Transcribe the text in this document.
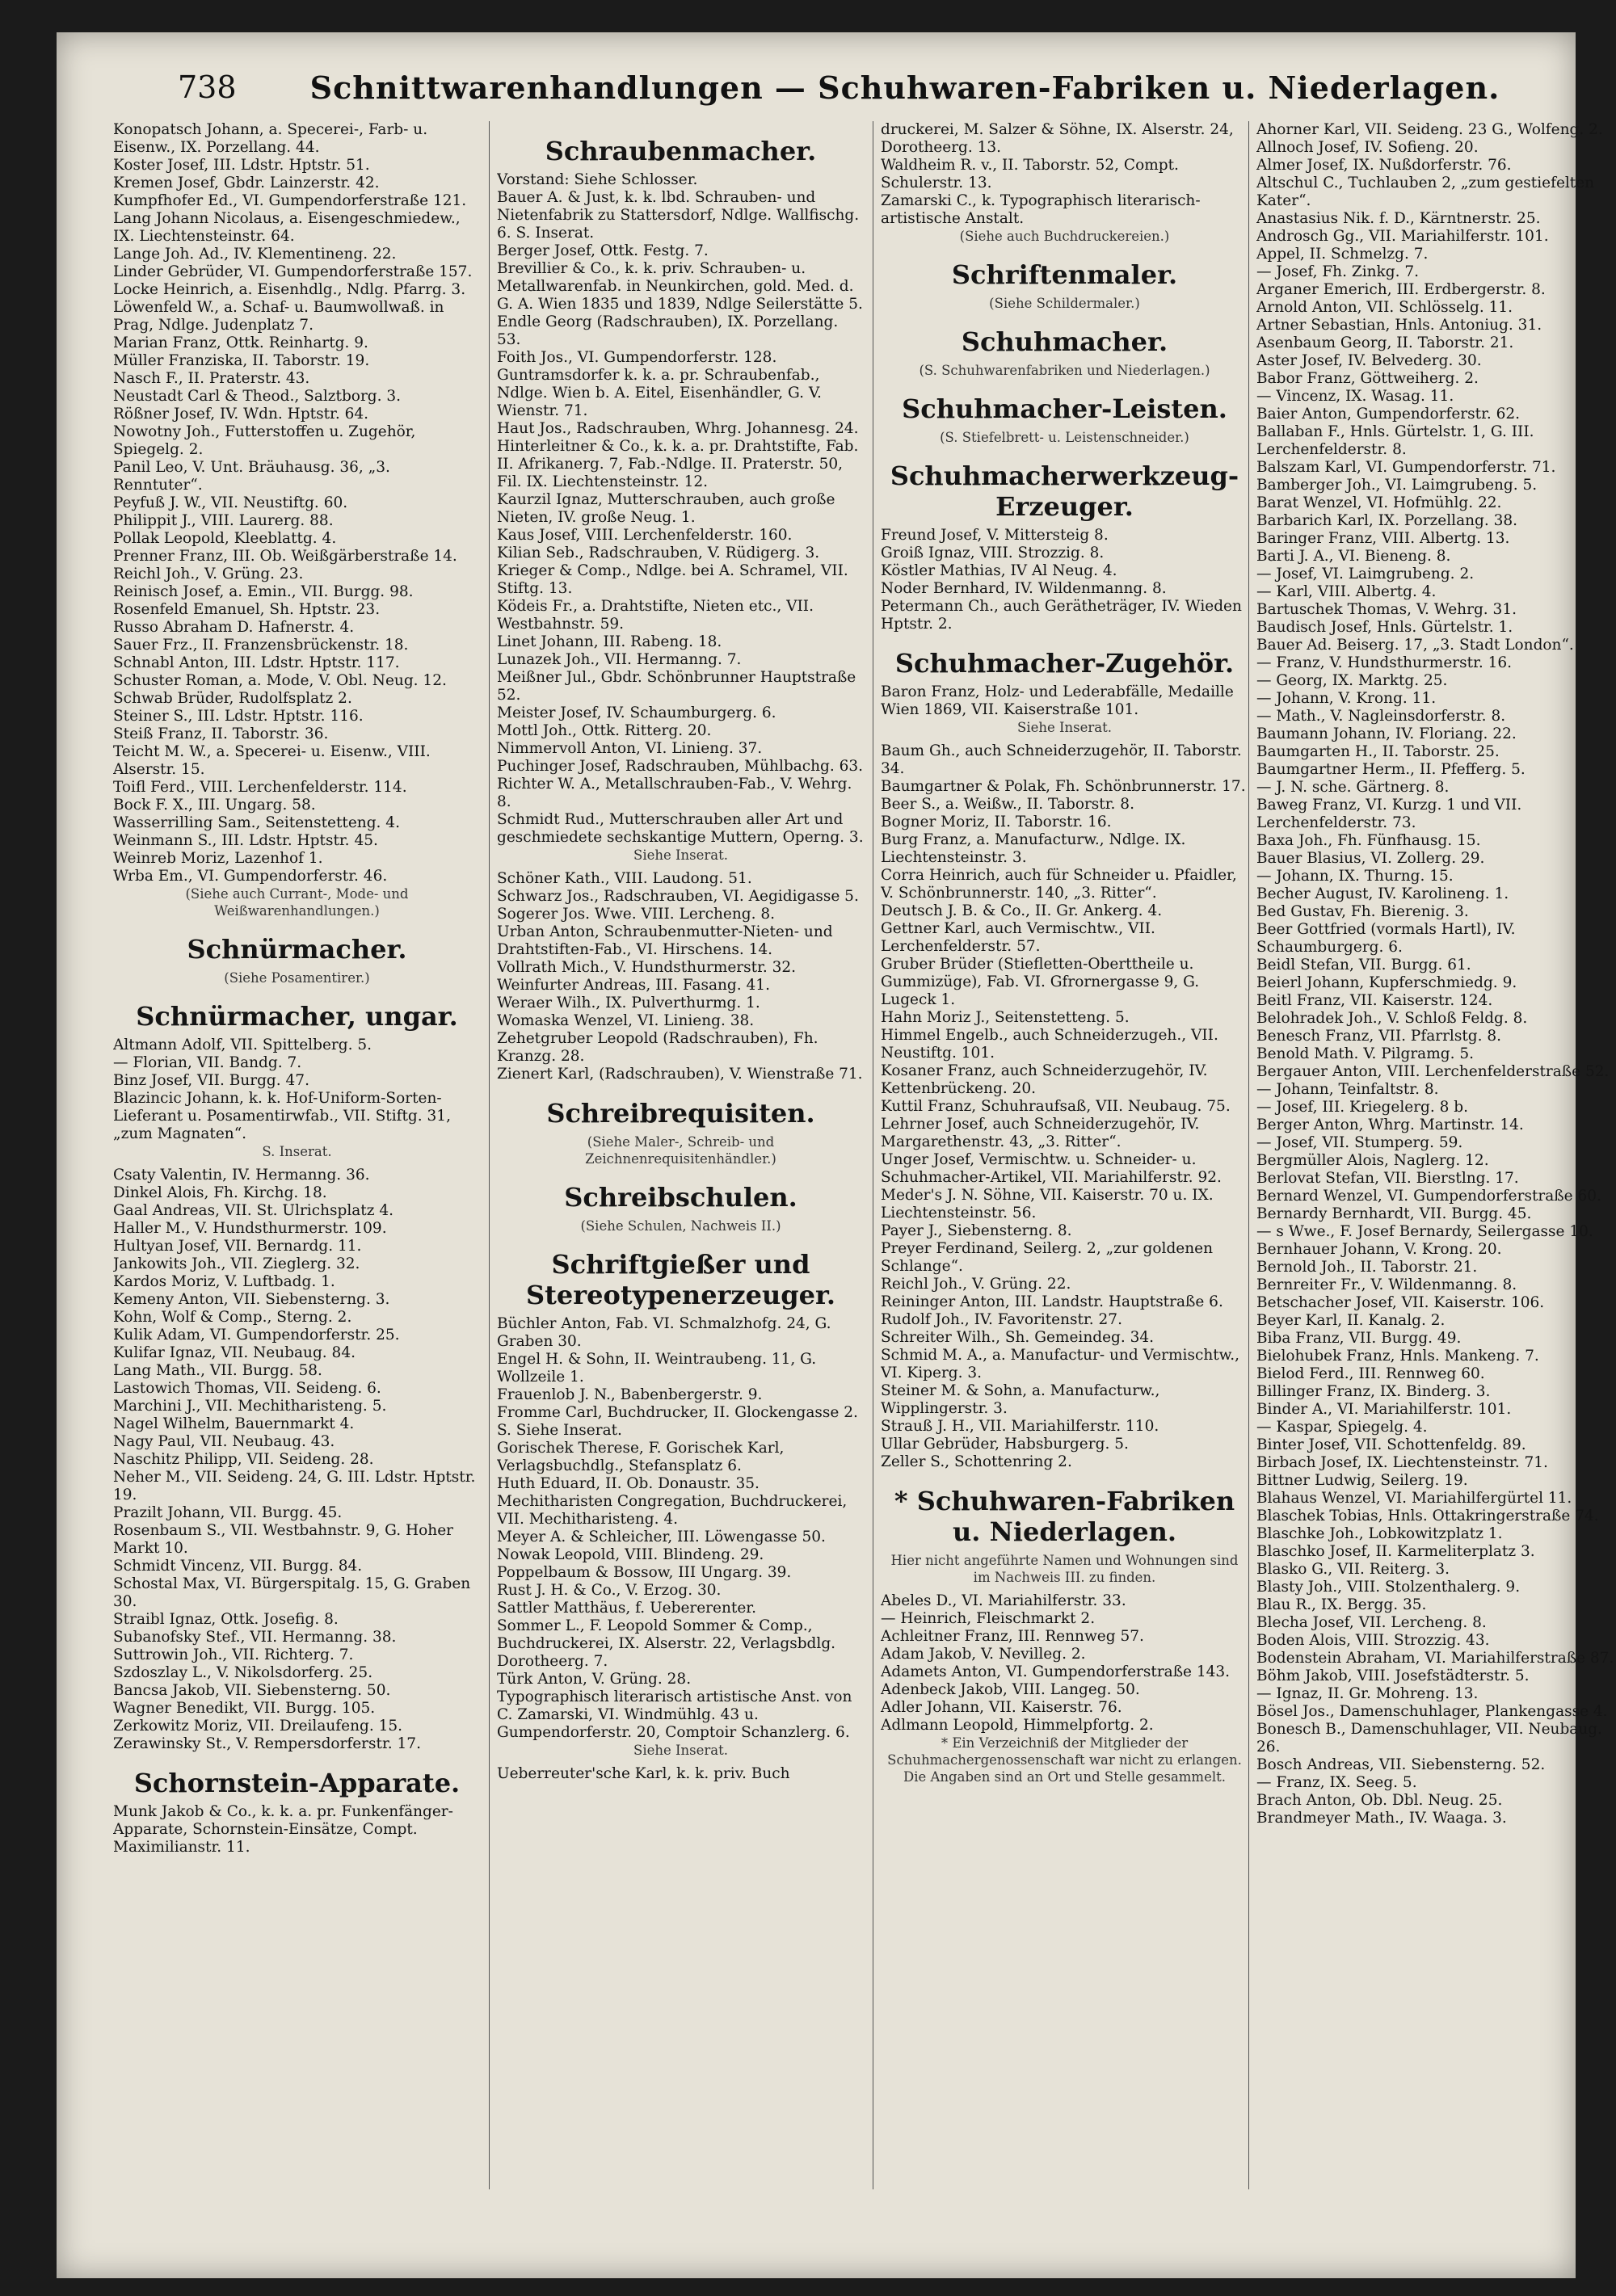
738	Schnittwarenhandlungen — Schuhwaren-Fabriken u. Niederlagen.
Konopatsch Johann, a. Specerei-, Farb- u. Eisenw., IX. Porzellang. 44.
Koster Josef, III. Ldstr. Hptstr. 51.
Kremen Josef, Gbdr. Lainzerstr. 42.
Kumpfhofer Ed., VI. Gumpendorferstraße 121.
Lang Johann Nicolaus, a. Eisengeschmiedew., IX. Liechtensteinstr. 64.
Lange Joh. Ad., IV. Klementineng. 22.
Linder Gebrüder, VI. Gumpendorferstraße 157.
Locke Heinrich, a. Eisenhdlg., Ndlg. Pfarrg. 3.
Löwenfeld W., a. Schaf- u. Baumwollwaß. in Prag, Ndlge. Judenplatz 7.
Marian Franz, Ottk. Reinhartg. 9.
Müller Franziska, II. Taborstr. 19.
Nasch F., II. Praterstr. 43.
Neustadt Carl & Theod., Salztborg. 3.
Rößner Josef, IV. Wdn. Hptstr. 64.
Nowotny Joh., Futterstoffen u. Zugehör, Spiegelg. 2.
Panil Leo, V. Unt. Bräuhausg. 36, „3. Renntuter“.
Peyfuß J. W., VII. Neustiftg. 60.
Philippit J., VIII. Laurerg. 88.
Pollak Leopold, Kleeblattg. 4.
Prenner Franz, III. Ob. Weißgärberstraße 14.
Reichl Joh., V. Grüng. 23.
Reinisch Josef, a. Emin., VII. Burgg. 98.
Rosenfeld Emanuel, Sh. Hptstr. 23.
Russo Abraham D. Hafnerstr. 4.
Sauer Frz., II. Franzensbrückenstr. 18.
Schnabl Anton, III. Ldstr. Hptstr. 117.
Schuster Roman, a. Mode, V. Obl. Neug. 12.
Schwab Brüder, Rudolfsplatz 2.
Steiner S., III. Ldstr. Hptstr. 116.
Steiß Franz, II. Taborstr. 36.
Teicht M. W., a. Specerei- u. Eisenw., VIII. Alserstr. 15.
Toifl Ferd., VIII. Lerchenfelderstr. 114.
Bock F. X., III. Ungarg. 58.
Wasserrilling Sam., Seitenstetteng. 4.
Weinmann S., III. Ldstr. Hptstr. 45.
Weinreb Moriz, Lazenhof 1.
Wrba Em., VI. Gumpendorferstr. 46.
(Siehe auch Currant-, Mode- und Weißwarenhandlungen.)
Schnürmacher.
(Siehe Posamentirer.)
Schnürmacher, ungar.
Altmann Adolf, VII. Spittelberg. 5.
— Florian, VII. Bandg. 7.
Binz Josef, VII. Burgg. 47.
Blazincic Johann, k. k. Hof-Uniform-Sorten-Lieferant u. Posamentirwfab., VII. Stiftg. 31, „zum Magnaten“.
S. Inserat.
Csaty Valentin, IV. Hermanng. 36.
Dinkel Alois, Fh. Kirchg. 18.
Gaal Andreas, VII. St. Ulrichsplatz 4.
Haller M., V. Hundsthurmerstr. 109.
Hultyan Josef, VII. Bernardg. 11.
Jankowits Joh., VII. Zieglerg. 32.
Kardos Moriz, V. Luftbadg. 1.
Kemeny Anton, VII. Siebensterng. 3.
Kohn, Wolf & Comp., Sterng. 2.
Kulik Adam, VI. Gumpendorferstr. 25.
Kulifar Ignaz, VII. Neubaug. 84.
Lang Math., VII. Burgg. 58.
Lastowich Thomas, VII. Seideng. 6.
Marchini J., VII. Mechitharisteng. 5.
Nagel Wilhelm, Bauernmarkt 4.
Nagy Paul, VII. Neubaug. 43.
Naschitz Philipp, VII. Seideng. 28.
Neher M., VII. Seideng. 24, G. III. Ldstr. Hptstr. 19.
Prazilt Johann, VII. Burgg. 45.
Rosenbaum S., VII. Westbahnstr. 9, G. Hoher Markt 10.
Schmidt Vincenz, VII. Burgg. 84.
Schostal Max, VI. Bürgerspitalg. 15, G. Graben 30.
Straibl Ignaz, Ottk. Josefig. 8.
Subanofsky Stef., VII. Hermanng. 38.
Suttrowin Joh., VII. Richterg. 7.
Szdoszlay L., V. Nikolsdorferg. 25.
Bancsa Jakob, VII. Siebensterng. 50.
Wagner Benedikt, VII. Burgg. 105.
Zerkowitz Moriz, VII. Dreilaufeng. 15.
Zerawinsky St., V. Rempersdorferstr. 17.
Schornstein-Apparate.
Munk Jakob & Co., k. k. a. pr. Funkenfänger-Apparate, Schornstein-Einsätze, Compt. Maximilianstr. 11.
Schraubenmacher.
Vorstand: Siehe Schlosser.
Bauer A. & Just, k. k. lbd. Schrauben- und Nietenfabrik zu Stattersdorf, Ndlge. Wallfischg. 6. S. Inserat.
Berger Josef, Ottk. Festg. 7.
Brevillier & Co., k. k. priv. Schrauben- u. Metallwarenfab. in Neunkirchen, gold. Med. d. G. A. Wien 1835 und 1839, Ndlge Seilerstätte 5.
Endle Georg (Radschrauben), IX. Porzellang. 53.
Foith Jos., VI. Gumpendorferstr. 128.
Guntramsdorfer k. k. a. pr. Schraubenfab., Ndlge. Wien b. A. Eitel, Eisenhändler, G. V. Wienstr. 71.
Haut Jos., Radschrauben, Whrg. Johannesg. 24.
Hinterleitner & Co., k. k. a. pr. Drahtstifte, Fab. II. Afrikanerg. 7, Fab.-Ndlge. II. Praterstr. 50, Fil. IX. Liechtensteinstr. 12.
Kaurzil Ignaz, Mutterschrauben, auch große Nieten, IV. große Neug. 1.
Kaus Josef, VIII. Lerchenfelderstr. 160.
Kilian Seb., Radschrauben, V. Rüdigerg. 3.
Krieger & Comp., Ndlge. bei A. Schramel, VII. Stiftg. 13.
Ködeis Fr., a. Drahtstifte, Nieten etc., VII. Westbahnstr. 59.
Linet Johann, III. Rabeng. 18.
Lunazek Joh., VII. Hermanng. 7.
Meißner Jul., Gbdr. Schönbrunner Hauptstraße 52.
Meister Josef, IV. Schaumburgerg. 6.
Mottl Joh., Ottk. Ritterg. 20.
Nimmervoll Anton, VI. Linieng. 37.
Puchinger Josef, Radschrauben, Mühlbachg. 63.
Richter W. A., Metallschrauben-Fab., V. Wehrg. 8.
Schmidt Rud., Mutterschrauben aller Art und geschmiedete sechskantige Muttern, Operng. 3.
Siehe Inserat.
Schöner Kath., VIII. Laudong. 51.
Schwarz Jos., Radschrauben, VI. Aegidigasse 5.
Sogerer Jos. Wwe. VIII. Lercheng. 8.
Urban Anton, Schraubenmutter-Nieten- und Drahtstiften-Fab., VI. Hirschens. 14.
Vollrath Mich., V. Hundsthurmerstr. 32.
Weinfurter Andreas, III. Fasang. 41.
Weraer Wilh., IX. Pulverthurmg. 1.
Womaska Wenzel, VI. Linieng. 38.
Zehetgruber Leopold (Radschrauben), Fh. Kranzg. 28.
Zienert Karl, (Radschrauben), V. Wienstraße 71.
Schreibrequisiten.
(Siehe Maler-, Schreib- und Zeichnenrequisitenhändler.)
Schreibschulen.
(Siehe Schulen, Nachweis II.)
Schriftgießer und Stereotypenerzeuger.
Büchler Anton, Fab. VI. Schmalzhofg. 24, G. Graben 30.
Engel H. & Sohn, II. Weintraubeng. 11, G. Wollzeile 1.
Frauenlob J. N., Babenbergerstr. 9.
Fromme Carl, Buchdrucker, II. Glockengasse 2. S. Siehe Inserat.
Gorischek Therese, F. Gorischek Karl, Verlagsbuchdlg., Stefansplatz 6.
Huth Eduard, II. Ob. Donaustr. 35.
Mechitharisten Congregation, Buchdruckerei, VII. Mechitharisteng. 4.
Meyer A. & Schleicher, III. Löwengasse 50.
Nowak Leopold, VIII. Blindeng. 29.
Poppelbaum & Bossow, III Ungarg. 39.
Rust J. H. & Co., V. Erzog. 30.
Sattler Matthäus, f. Uebererenter.
Sommer L., F. Leopold Sommer & Comp., Buchdruckerei, IX. Alserstr. 22, Verlagsbdlg. Dorotheerg. 7.
Türk Anton, V. Grüng. 28.
Typographisch literarisch artistische Anst. von C. Zamarski, VI. Windmühlg. 43 u. Gumpendorferstr. 20, Comptoir Schanzlerg. 6.
Siehe Inserat.
Ueberreuter'sche Karl, k. k. priv. Buch
druckerei, M. Salzer & Söhne, IX. Alserstr. 24, Dorotheerg. 13.
Waldheim R. v., II. Taborstr. 52, Compt. Schulerstr. 13.
Zamarski C., k. Typographisch literarisch-artistische Anstalt.
(Siehe auch Buchdruckereien.)
Schriftenmaler.
(Siehe Schildermaler.)
Schuhmacher.
(S. Schuhwarenfabriken und Niederlagen.)
Schuhmacher-Leisten.
(S. Stiefelbrett- u. Leistenschneider.)
Schuhmacherwerkzeug-Erzeuger.
Freund Josef, V. Mittersteig 8.
Groiß Ignaz, VIII. Strozzig. 8.
Köstler Mathias, IV Al Neug. 4.
Noder Bernhard, IV. Wildenmanng. 8.
Petermann Ch., auch Gerätheträger, IV. Wieden Hptstr. 2.
Schuhmacher-Zugehör.
Baron Franz, Holz- und Lederabfälle, Medaille Wien 1869, VII. Kaiserstraße 101.
Siehe Inserat.
Baum Gh., auch Schneiderzugehör, II. Taborstr. 34.
Baumgartner & Polak, Fh. Schönbrunnerstr. 17.
Beer S., a. Weißw., II. Taborstr. 8.
Bogner Moriz, II. Taborstr. 16.
Burg Franz, a. Manufacturw., Ndlge. IX. Liechtensteinstr. 3.
Corra Heinrich, auch für Schneider u. Pfaidler, V. Schönbrunnerstr. 140, „3. Ritter“.
Deutsch J. B. & Co., II. Gr. Ankerg. 4.
Gettner Karl, auch Vermischtw., VII. Lerchenfelderstr. 57.
Gruber Brüder (Stiefletten-Oberttheile u. Gummizüge), Fab. VI. Gfrornergasse 9, G. Lugeck 1.
Hahn Moriz J., Seitenstetteng. 5.
Himmel Engelb., auch Schneiderzugeh., VII. Neustiftg. 101.
Kosaner Franz, auch Schneiderzugehör, IV. Kettenbrückeng. 20.
Kuttil Franz, Schuhraufsaß, VII. Neubaug. 75.
Lehrner Josef, auch Schneiderzugehör, IV. Margarethenstr. 43, „3. Ritter“.
Unger Josef, Vermischtw. u. Schneider- u. Schuhmacher-Artikel, VII. Mariahilferstr. 92.
Meder's J. N. Söhne, VII. Kaiserstr. 70 u. IX. Liechtensteinstr. 56.
Payer J., Siebensterng. 8.
Preyer Ferdinand, Seilerg. 2, „zur goldenen Schlange“.
Reichl Joh., V. Grüng. 22.
Reininger Anton, III. Landstr. Hauptstraße 6.
Rudolf Joh., IV. Favoritenstr. 27.
Schreiter Wilh., Sh. Gemeindeg. 34.
Schmid M. A., a. Manufactur- und Vermischtw., VI. Kiperg. 3.
Steiner M. & Sohn, a. Manufacturw., Wipplingerstr. 3.
Strauß J. H., VII. Mariahilferstr. 110.
Ullar Gebrüder, Habsburgerg. 5.
Zeller S., Schottenring 2.
* Schuhwaren-Fabriken u. Niederlagen.
Hier nicht angeführte Namen und Wohnungen sind im Nachweis III. zu finden.
Abeles D., VI. Mariahilferstr. 33.
— Heinrich, Fleischmarkt 2.
Achleitner Franz, III. Rennweg 57.
Adam Jakob, V. Nevilleg. 2.
Adamets Anton, VI. Gumpendorferstraße 143.
Adenbeck Jakob, VIII. Langeg. 50.
Adler Johann, VII. Kaiserstr. 76.
Adlmann Leopold, Himmelpfortg. 2.
* Ein Verzeichniß der Mitglieder der Schuhmachergenossenschaft war nicht zu erlangen. Die Angaben sind an Ort und Stelle gesammelt.
Ahorner Karl, VII. Seideng. 23 G., Wolfeng. 2.
Allnoch Josef, IV. Sofieng. 20.
Almer Josef, IX. Nußdorferstr. 76.
Altschul C., Tuchlauben 2, „zum gestiefelten Kater“.
Anastasius Nik. f. D., Kärntnerstr. 25.
Androsch Gg., VII. Mariahilferstr. 101.
Appel, II. Schmelzg. 7.
— Josef, Fh. Zinkg. 7.
Arganer Emerich, III. Erdbergerstr. 8.
Arnold Anton, VII. Schlösselg. 11.
Artner Sebastian, Hnls. Antoniug. 31.
Asenbaum Georg, II. Taborstr. 21.
Aster Josef, IV. Belvederg. 30.
Babor Franz, Göttweiherg. 2.
— Vincenz, IX. Wasag. 11.
Baier Anton, Gumpendorferstr. 62.
Ballaban F., Hnls. Gürtelstr. 1, G. III. Lerchenfelderstr. 8.
Balszam Karl, VI. Gumpendorferstr. 71.
Bamberger Joh., VI. Laimgrubeng. 5.
Barat Wenzel, VI. Hofmühlg. 22.
Barbarich Karl, IX. Porzellang. 38.
Baringer Franz, VIII. Albertg. 13.
Barti J. A., VI. Bieneng. 8.
— Josef, VI. Laimgrubeng. 2.
— Karl, VIII. Albertg. 4.
Bartuschek Thomas, V. Wehrg. 31.
Baudisch Josef, Hnls. Gürtelstr. 1.
Bauer Ad. Beiserg. 17, „3. Stadt London“.
— Franz, V. Hundsthurmerstr. 16.
— Georg, IX. Marktg. 25.
— Johann, V. Krong. 11.
— Math., V. Nagleinsdorferstr. 8.
Baumann Johann, IV. Floriang. 22.
Baumgarten H., II. Taborstr. 25.
Baumgartner Herm., II. Pfefferg. 5.
— J. N. sche. Gärtnerg. 8.
Baweg Franz, VI. Kurzg. 1 und VII. Lerchenfelderstr. 73.
Baxa Joh., Fh. Fünfhausg. 15.
Bauer Blasius, VI. Zollerg. 29.
— Johann, IX. Thurng. 15.
Becher August, IV. Karolineng. 1.
Bed Gustav, Fh. Bierenig. 3.
Beer Gottfried (vormals Hartl), IV. Schaumburgerg. 6.
Beidl Stefan, VII. Burgg. 61.
Beierl Johann, Kupferschmiedg. 9.
Beitl Franz, VII. Kaiserstr. 124.
Belohradek Joh., V. Schloß Feldg. 8.
Benesch Franz, VII. Pfarrlstg. 8.
Benold Math. V. Pilgramg. 5.
Bergauer Anton, VIII. Lerchenfelderstraße 52.
— Johann, Teinfaltstr. 8.
— Josef, III. Kriegelerg. 8 b.
Berger Anton, Whrg. Martinstr. 14.
— Josef, VII. Stumperg. 59.
Bergmüller Alois, Naglerg. 12.
Berlovat Stefan, VII. Bierstlng. 17.
Bernard Wenzel, VI. Gumpendorferstraße 60.
Bernardy Bernhardt, VII. Burgg. 45.
— s Wwe., F. Josef Bernardy, Seilergasse 10.
Bernhauer Johann, V. Krong. 20.
Bernold Joh., II. Taborstr. 21.
Bernreiter Fr., V. Wildenmanng. 8.
Betschacher Josef, VII. Kaiserstr. 106.
Beyer Karl, II. Kanalg. 2.
Biba Franz, VII. Burgg. 49.
Bielohubek Franz, Hnls. Mankeng. 7.
Bielod Ferd., III. Rennweg 60.
Billinger Franz, IX. Binderg. 3.
Binder A., VI. Mariahilferstr. 101.
— Kaspar, Spiegelg. 4.
Binter Josef, VII. Schottenfeldg. 89.
Birbach Josef, IX. Liechtensteinstr. 71.
Bittner Ludwig, Seilerg. 19.
Blahaus Wenzel, VI. Mariahilfergürtel 11.
Blaschek Tobias, Hnls. Ottakringerstraße 74.
Blaschke Joh., Lobkowitzplatz 1.
Blaschko Josef, II. Karmeliterplatz 3.
Blasko G., VII. Reiterg. 3.
Blasty Joh., VIII. Stolzenthalerg. 9.
Blau R., IX. Bergg. 35.
Blecha Josef, VII. Lercheng. 8.
Boden Alois, VIII. Strozzig. 43.
Bodenstein Abraham, VI. Mariahilferstraße 87.
Böhm Jakob, VIII. Josefstädterstr. 5.
— Ignaz, II. Gr. Mohreng. 13.
Bösel Jos., Damenschuhlager, Plankengasse 4.
Bonesch B., Damenschuhlager, VII. Neubaug. 26.
Bosch Andreas, VII. Siebensterng. 52.
— Franz, IX. Seeg. 5.
Brach Anton, Ob. Dbl. Neug. 25.
Brandmeyer Math., IV. Waaga. 3.
